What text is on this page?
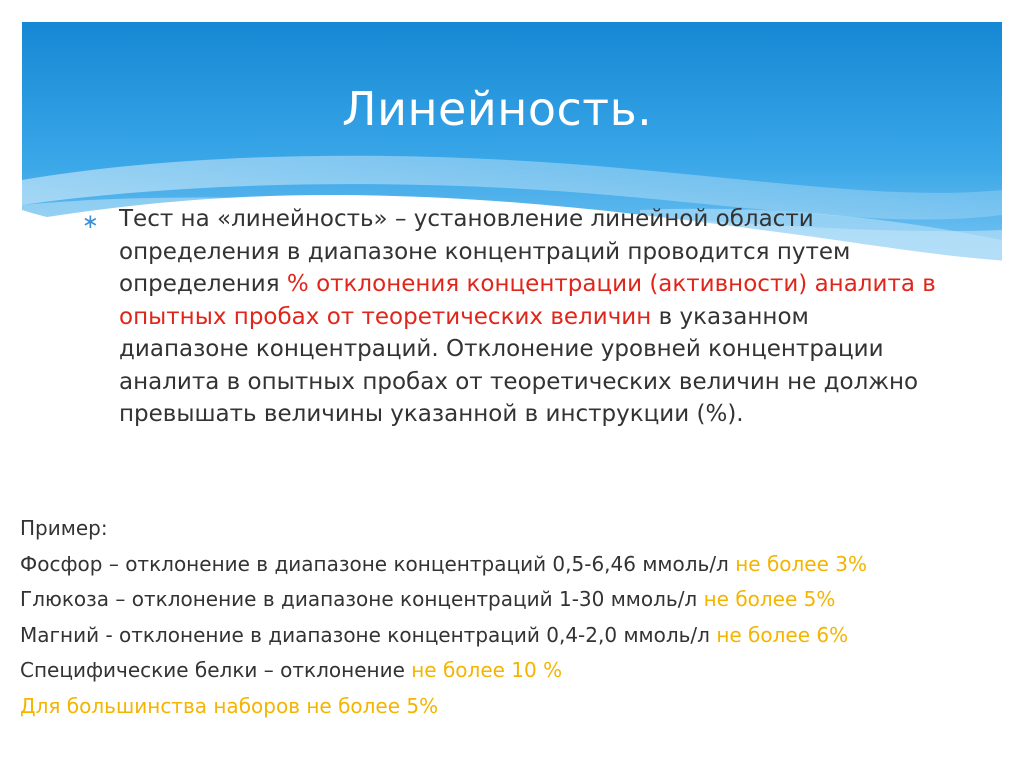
Линейность.
∗ Тест на «линейность» – установление линейной области определения в диапазоне концентраций проводится путем определения % отклонения концентрации (активности) аналита в опытных пробах от теоретических величин в указанном диапазоне концентраций. Отклонение уровней концентрации аналита в опытных пробах от теоретических величин не должно превышать величины указанной в инструкции (%).
Пример:
Фосфор – отклонение в диапазоне концентраций 0,5-6,46 ммоль/л не более 3%
Глюкоза – отклонение в диапазоне концентраций 1-30 ммоль/л не более 5%
Магний - отклонение в диапазоне концентраций 0,4-2,0 ммоль/л не более 6%
Специфические белки – отклонение не более 10 %
Для большинства наборов не более 5%
